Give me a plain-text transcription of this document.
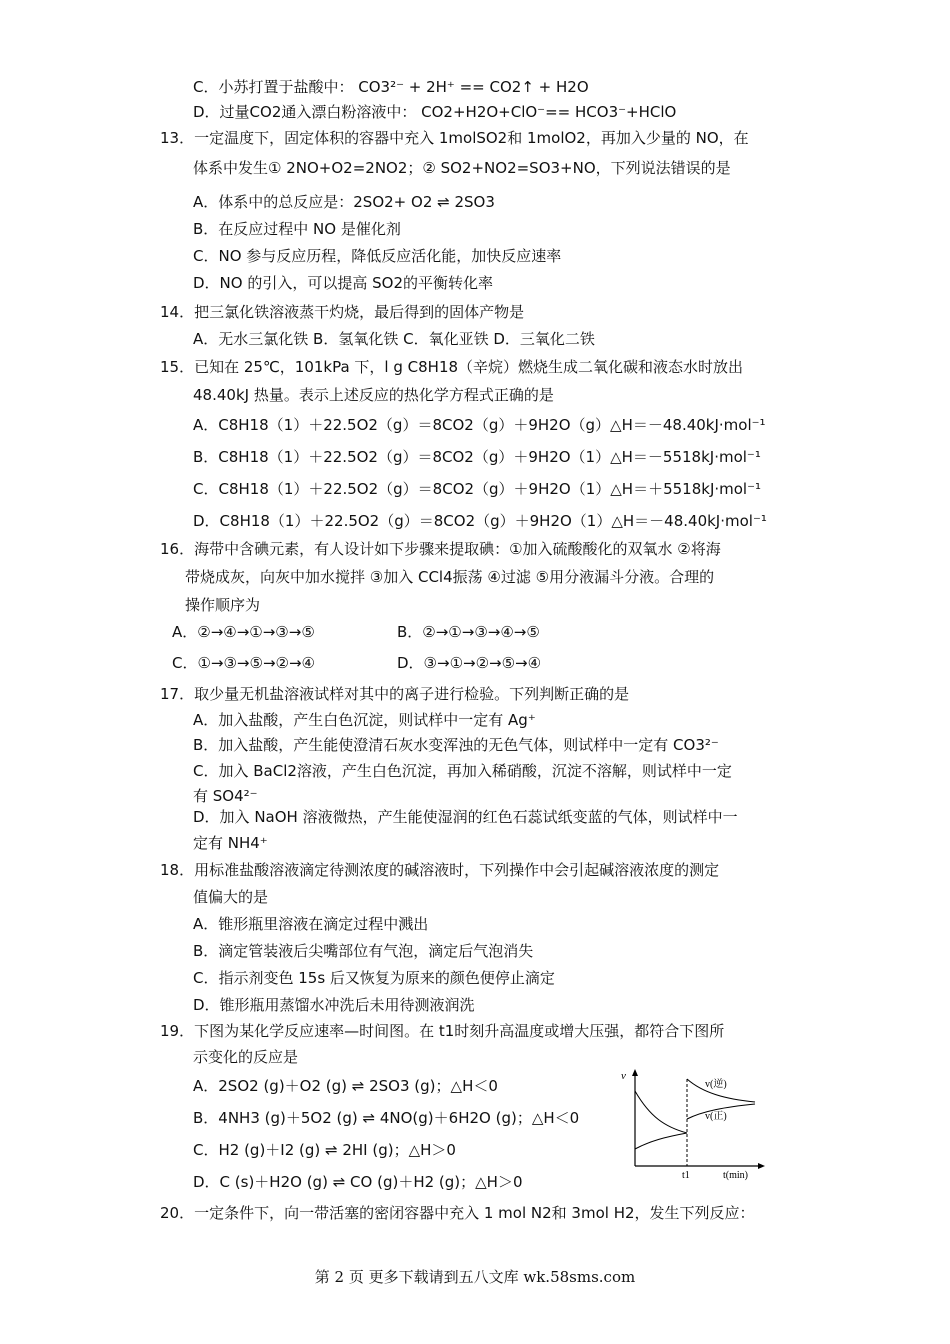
C．小苏打置于盐酸中： CO3²⁻ + 2H⁺ == CO2↑ + H2O
D．过量CO2通入漂白粉溶液中： CO2+H2O+ClO⁻== HCO3⁻+HClO
13．一定温度下，固定体积的容器中充入 1molSO2和 1molO2，再加入少量的 NO，在
体系中发生① 2NO+O2=2NO2；② SO2+NO2=SO3+NO，下列说法错误的是
A．体系中的总反应是：2SO2+ O2 ⇌ 2SO3
B．在反应过程中 NO 是催化剂
C．NO 参与反应历程，降低反应活化能，加快反应速率
D．NO 的引入，可以提高 SO2的平衡转化率
14．把三氯化铁溶液蒸干灼烧，最后得到的固体产物是
A．无水三氯化铁 B．氢氧化铁 C．氧化亚铁 D．三氧化二铁
15．已知在 25℃，101kPa 下，l g C8H18（辛烷）燃烧生成二氧化碳和液态水时放出
48.40kJ 热量。表示上述反应的热化学方程式正确的是
A．C8H18（1）＋22.5O2（g）＝8CO2（g）＋9H2O（g）△H＝－48.40kJ·mol⁻¹
B．C8H18（1）＋22.5O2（g）＝8CO2（g）＋9H2O（1）△H＝－5518kJ·mol⁻¹
C．C8H18（1）＋22.5O2（g）＝8CO2（g）＋9H2O（1）△H＝＋5518kJ·mol⁻¹
D．C8H18（1）＋22.5O2（g）＝8CO2（g）＋9H2O（1）△H＝－48.40kJ·mol⁻¹
16．海带中含碘元素，有人设计如下步骤来提取碘：①加入硫酸酸化的双氧水 ②将海
带烧成灰，向灰中加水搅拌 ③加入 CCl4振荡 ④过滤 ⑤用分液漏斗分液。合理的
操作顺序为
A．②→④→①→③→⑤	B．②→①→③→④→⑤
C．①→③→⑤→②→④	D．③→①→②→⑤→④
17．取少量无机盐溶液试样对其中的离子进行检验。下列判断正确的是
A．加入盐酸，产生白色沉淀，则试样中一定有 Ag⁺
B．加入盐酸，产生能使澄清石灰水变浑浊的无色气体，则试样中一定有 CO3²⁻
C．加入 BaCl2溶液，产生白色沉淀，再加入稀硝酸，沉淀不溶解，则试样中一定
有 SO4²⁻
D．加入 NaOH 溶液微热，产生能使湿润的红色石蕊试纸变蓝的气体，则试样中一
定有 NH4⁺
18．用标准盐酸溶液滴定待测浓度的碱溶液时，下列操作中会引起碱溶液浓度的测定
值偏大的是
A．锥形瓶里溶液在滴定过程中溅出
B．滴定管装液后尖嘴部位有气泡，滴定后气泡消失
C．指示剂变色 15s 后又恢复为原来的颜色便停止滴定
D．锥形瓶用蒸馏水冲洗后未用待测液润洗
19．下图为某化学反应速率—时间图。在 t1时刻升高温度或增大压强，都符合下图所
示变化的反应是
A．2SO2 (g)＋O2 (g) ⇌ 2SO3 (g)；△H＜0
B．4NH3 (g)＋5O2 (g) ⇌ 4NO(g)＋6H2O (g)；△H＜0
C．H2 (g)＋I2 (g) ⇌ 2HI (g)；△H＞0
D．C (s)＋H2O (g) ⇌ CO (g)＋H2 (g)；△H＞0
20．一定条件下，向一带活塞的密闭容器中充入 1 mol N2和 3mol H2，发生下列反应：
v
v(逆)
v(正)
t1	t(min)
第 2 页 更多下载请到五八文库 wk.58sms.com
